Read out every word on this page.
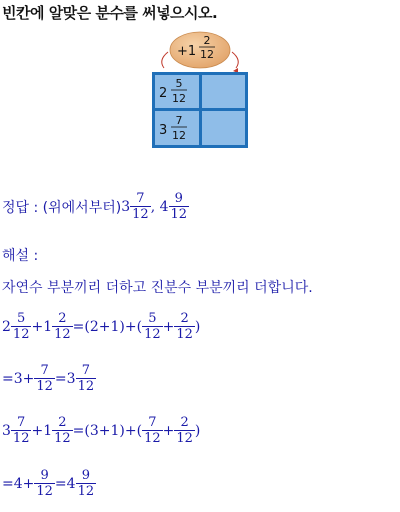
빈칸에 알맞은 분수를 써넣으시오.
+1
2
12
2
5
12
3
7
12
정답 : (위에서부터) $3 \frac{7}{12}$ , $4 \frac{9}{12}$
해설 :
자연수 부분끼리 더하고 진분수 부분끼리 더합니다.
$2 \frac{5}{12} +1 \frac{2}{12} =(2+1)+( \frac{5}{12} + \frac{2}{12}$ )
$=3+ \frac{7}{12} =3 \frac{7}{12}$
$3 \frac{7}{12} +1 \frac{2}{12} =(3+1)+( \frac{7}{12} + \frac{2}{12}$ )
$=4+ \frac{9}{12} =4 \frac{9}{12}$
